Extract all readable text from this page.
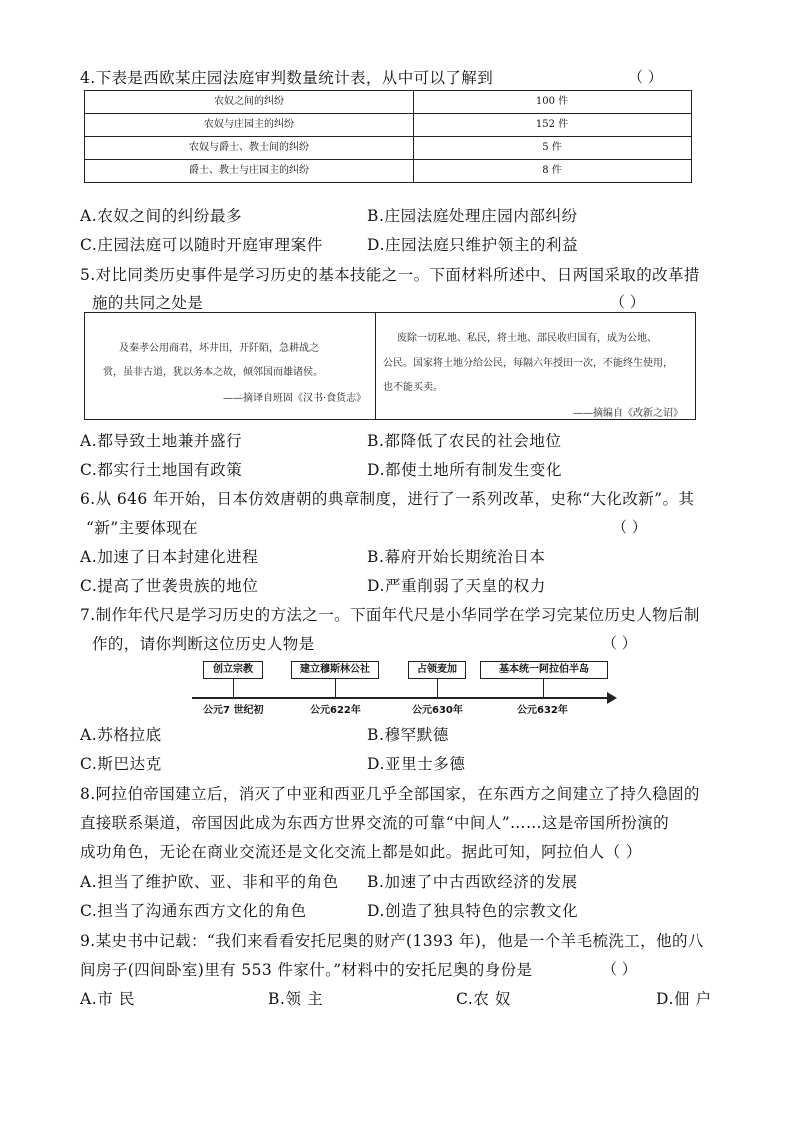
4.下表是西欧某庄园法庭审判数量统计表，从中可以了解到	（ ）
农奴之间的纠纷	100 件
农奴与庄园主的纠纷	152 件
农奴与爵士、教士间的纠纷	5 件
爵士、教士与庄园主的纠纷	8 件
A.农奴之间的纠纷最多	B.庄园法庭处理庄园内部纠纷
C.庄园法庭可以随时开庭审理案件	D.庄园法庭只维护领主的利益
5.对比同类历史事件是学习历史的基本技能之一。下面材料所述中、日两国采取的改革措
施的共同之处是	（ ）
及秦孝公用商君，坏井田，开阡陌，急耕战之
赏，虽非古道，犹以务本之故，倾邻国而雄诸侯。
——摘译自班固《汉书·食货志》
废除一切私地、私民，将土地、部民收归国有，成为公地、
公民。国家将土地分给公民，每隔六年授田一次，不能终生使用，
也不能买卖。
——摘编自《改新之诏》
A.都导致土地兼并盛行	B.都降低了农民的社会地位
C.都实行土地国有政策	D.都使土地所有制发生变化
6.从 646 年开始，日本仿效唐朝的典章制度，进行了一系列改革，史称“大化改新”。其
“新”主要体现在	（ ）
A.加速了日本封建化进程	B.幕府开始长期统治日本
C.提高了世袭贵族的地位	D.严重削弱了天皇的权力
7.制作年代尺是学习历史的方法之一。下面年代尺是小华同学在学习完某位历史人物后制
作的，请你判断这位历史人物是	（ ）
创立宗教
公元7 世纪初
建立穆斯林公社
公元622年
占领麦加
公元630年
基本统一阿拉伯半岛
公元632年
A.苏格拉底	B.穆罕默德
C.斯巴达克	D.亚里士多德
8.阿拉伯帝国建立后，消灭了中亚和西亚几乎全部国家，在东西方之间建立了持久稳固的
直接联系渠道，帝国因此成为东西方世界交流的可靠“中间人”……这是帝国所扮演的
成功角色，无论在商业交流还是文化交流上都是如此。据此可知，阿拉伯人（ ）
A.担当了维护欧、亚、非和平的角色 B.加速了中古西欧经济的发展
C.担当了沟通东西方文化的角色	D.创造了独具特色的宗教文化
9.某史书中记载：“我们来看看安托尼奥的财产(1393 年)，他是一个羊毛梳洗工，他的八
间房子(四间卧室)里有 553 件家什。”材料中的安托尼奥的身份是	（ ）
A.市 民	B.领 主	C.农 奴	D.佃 户
